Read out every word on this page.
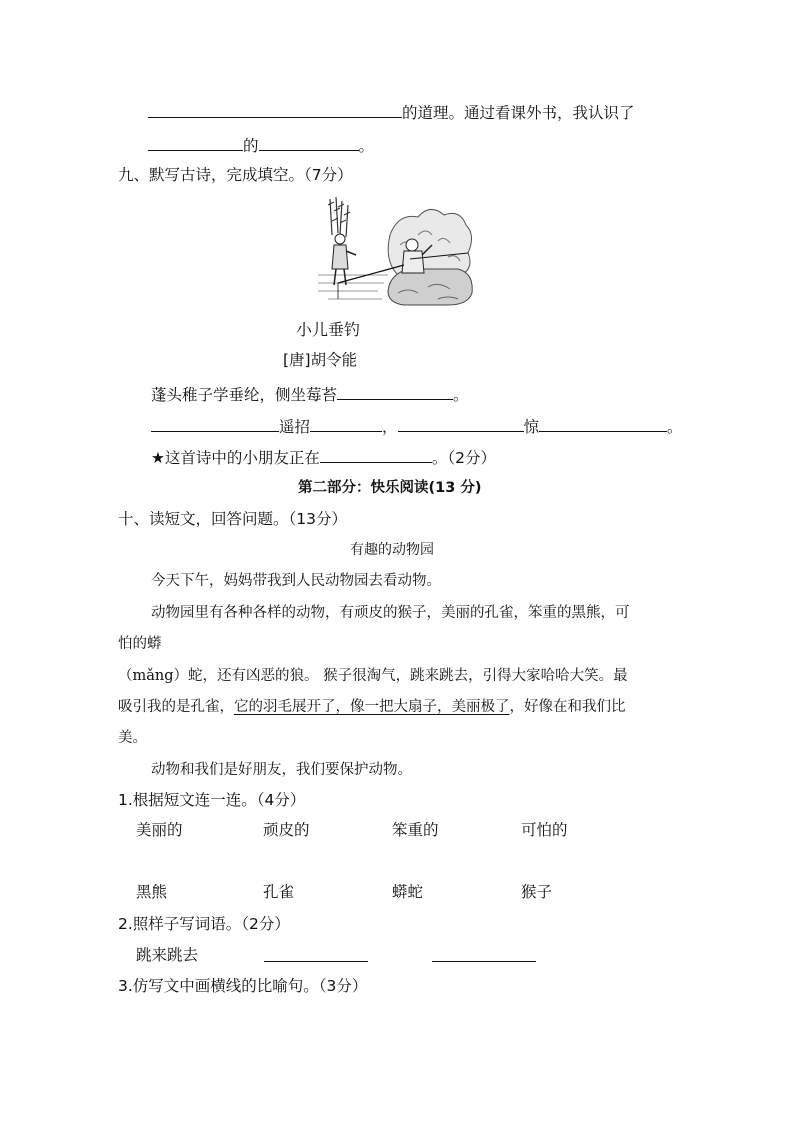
的道理。通过看课外书，我认识了
的	。
九、默写古诗，完成填空。（7分）
小儿垂钓
[唐]胡令能
蓬头稚子学垂纶，侧坐莓苔	。
遥招	，	惊	。
★这首诗中的小朋友正在	。（2分）
第二部分：快乐阅读(13 分)
十、读短文，回答问题。（13分）
有趣的动物园
今天下午，妈妈带我到人民动物园去看动物。
动物园里有各种各样的动物，有顽皮的猴子，美丽的孔雀，笨重的黑熊，可
怕的蟒
（mǎng）蛇，还有凶恶的狼。 猴子很淘气，跳来跳去，引得大家哈哈大笑。最
吸引我的是孔雀，它的羽毛展开了，像一把大扇子，美丽极了，好像在和我们比
美。
动物和我们是好朋友，我们要保护动物。
1.根据短文连一连。（4分）
美丽的	顽皮的	笨重的	可怕的
黑熊	孔雀	蟒蛇	猴子
2.照样子写词语。（2分）
跳来跳去
3.仿写文中画横线的比喻句。（3分）
